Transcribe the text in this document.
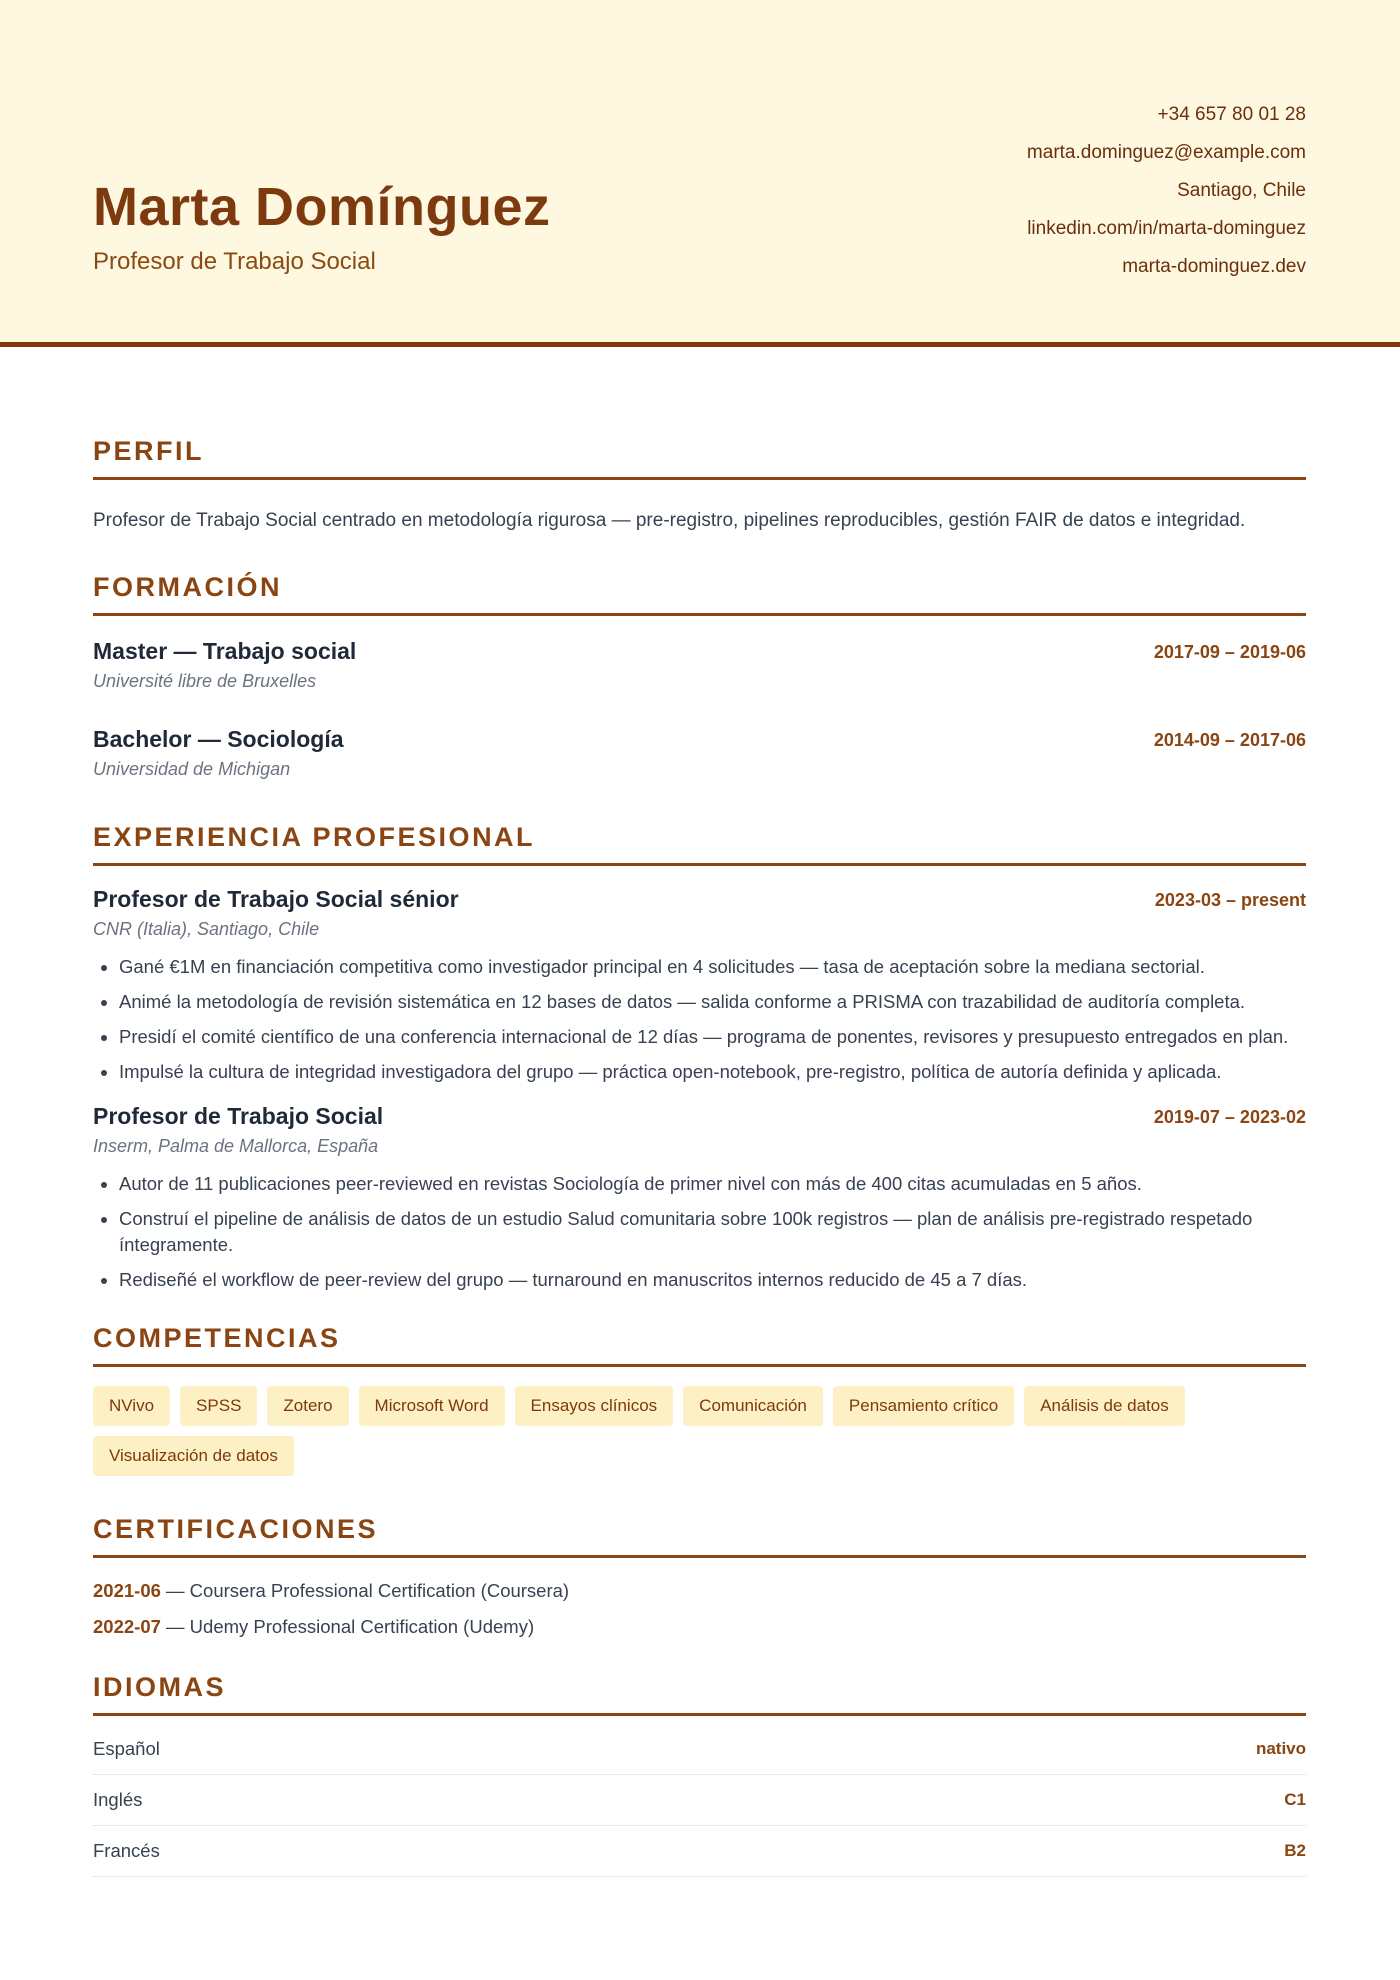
Marta Domínguez

Profesor de Trabajo Social

+34 657 80 01 28
marta.dominguez@example.com
Santiago, Chile
linkedin.com/in/marta-dominguez
marta-dominguez.dev
PERFIL

Profesor de Trabajo Social centrado en metodología rigurosa — pre-registro, pipelines reproducibles, gestión FAIR de datos e integridad.

FORMACIÓN
Master — Trabajo social	2017-09 – 2019-06
Université libre de Bruxelles
Bachelor — Sociología	2014-09 – 2017-06
Universidad de Michigan
EXPERIENCIA PROFESIONAL
Profesor de Trabajo Social sénior	2023-03 – present
CNR (Italia), Santiago, Chile
• Gané €1M en financiación competitiva como investigador principal en 4 solicitudes — tasa de aceptación sobre la mediana sectorial.
• Animé la metodología de revisión sistemática en 12 bases de datos — salida conforme a PRISMA con trazabilidad de auditoría completa.
• Presidí el comité científico de una conferencia internacional de 12 días — programa de ponentes, revisores y presupuesto entregados en plan.
• Impulsé la cultura de integridad investigadora del grupo — práctica open-notebook, pre-registro, política de autoría definida y aplicada.
Profesor de Trabajo Social	2019-07 – 2023-02
Inserm, Palma de Mallorca, España
• Autor de 11 publicaciones peer-reviewed en revistas Sociología de primer nivel con más de 400 citas acumuladas en 5 años.
• Construí el pipeline de análisis de datos de un estudio Salud comunitaria sobre 100k registros — plan de análisis pre-registrado respetado íntegramente.
• Rediseñé el workflow de peer-review del grupo — turnaround en manuscritos internos reducido de 45 a 7 días.
COMPETENCIAS
NVivo	SPSS	Zotero	Microsoft Word	Ensayos clínicos	Comunicación	Pensamiento crítico	Análisis de datos
Visualización de datos
CERTIFICACIONES
2021-06 — Coursera Professional Certification (Coursera)
2022-07 — Udemy Professional Certification (Udemy)
IDIOMAS
Español	nativo
Inglés	C1
Francés	B2
